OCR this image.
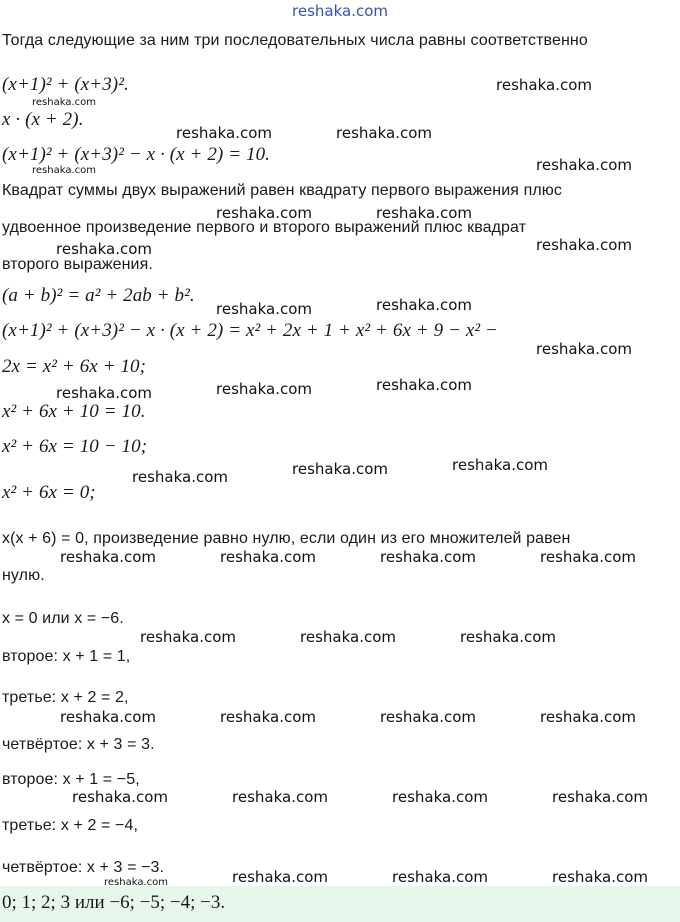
reshaka.com
Тогда следующие за ним три последовательных числа равны соответственно
(x+1)² + (x+3)².
x · (x + 2).
(x+1)² + (x+3)² − x · (x + 2) = 10.
Квадрат суммы двух выражений равен квадрату первого выражения плюс
удвоенное произведение первого и второго выражений плюс квадрат
второго выражения.
(a + b)² = a² + 2ab + b².
(x+1)² + (x+3)² − x · (x + 2) = x² + 2x + 1 + x² + 6x + 9 − x² −
2x = x² + 6x + 10;
x² + 6x + 10 = 10.
x² + 6x = 10 − 10;
x² + 6x = 0;
x(x + 6) = 0, произведение равно нулю, если один из его множителей равен
нулю.
x = 0 или x = −6.
второе: x + 1 = 1,
третье: x + 2 = 2,
четвёртое: x + 3 = 3.
второе: x + 1 = −5,
третье: x + 2 = −4,
четвёртое: x + 3 = −3.
0; 1; 2; 3 или −6; −5; −4; −3.
reshaka.com
reshaka.com
reshaka.com	reshaka.com
reshaka.com	reshaka.com
reshaka.com	reshaka.com
reshaka.com	reshaka.com
reshaka.com	reshaka.com
reshaka.com
reshaka.com	reshaka.com	reshaka.com
reshaka.com	reshaka.com	reshaka.com
reshaka.com	reshaka.com	reshaka.com	reshaka.com
reshaka.com	reshaka.com	reshaka.com
reshaka.com	reshaka.com	reshaka.com	reshaka.com
reshaka.com	reshaka.com	reshaka.com	reshaka.com
reshaka.com	reshaka.com	reshaka.com
reshaka.com
